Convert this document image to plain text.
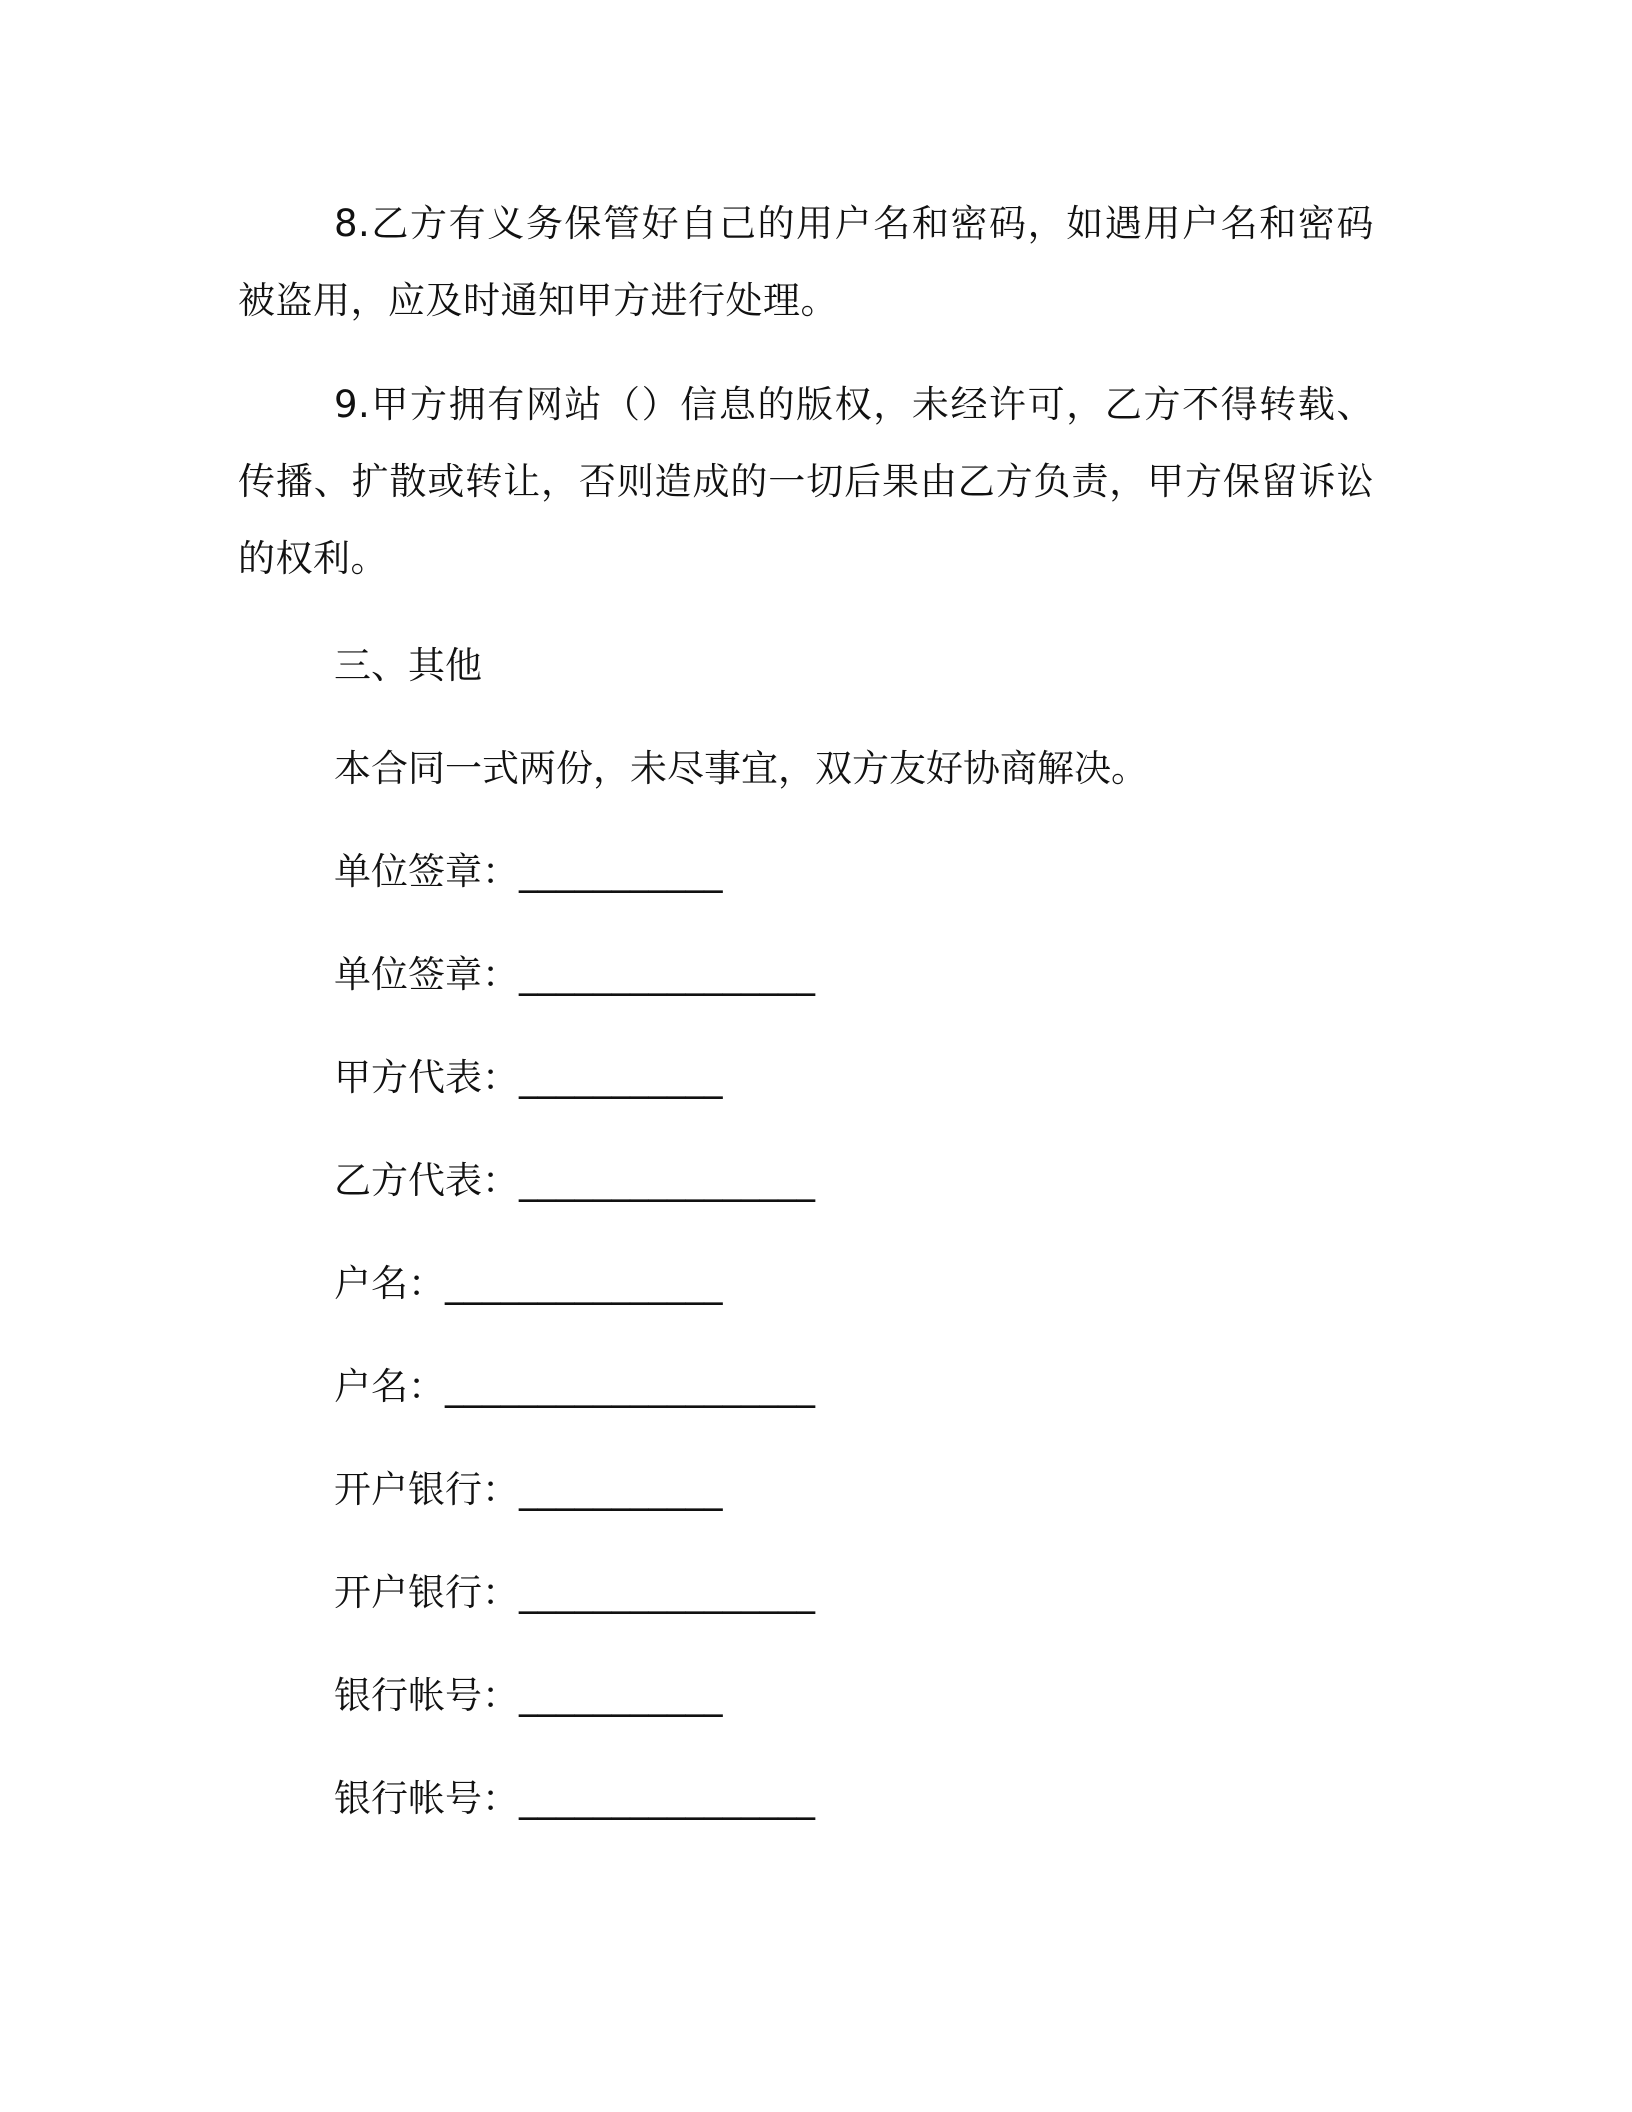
8.乙方有义务保管好自己的用户名和密码，如遇用户名和密码被盗用，应及时通知甲方进行处理。

9.甲方拥有网站（）信息的版权，未经许可，乙方不得转载、传播、扩散或转让，否则造成的一切后果由乙方负责，甲方保留诉讼的权利。

三、其他
本合同一式两份，未尽事宜，双方友好协商解决。
单位签章：___________
单位签章：________________
甲方代表：___________
乙方代表：________________
户名：_______________
户名：____________________
开户银行：___________
开户银行：________________
银行帐号：___________
银行帐号：________________
